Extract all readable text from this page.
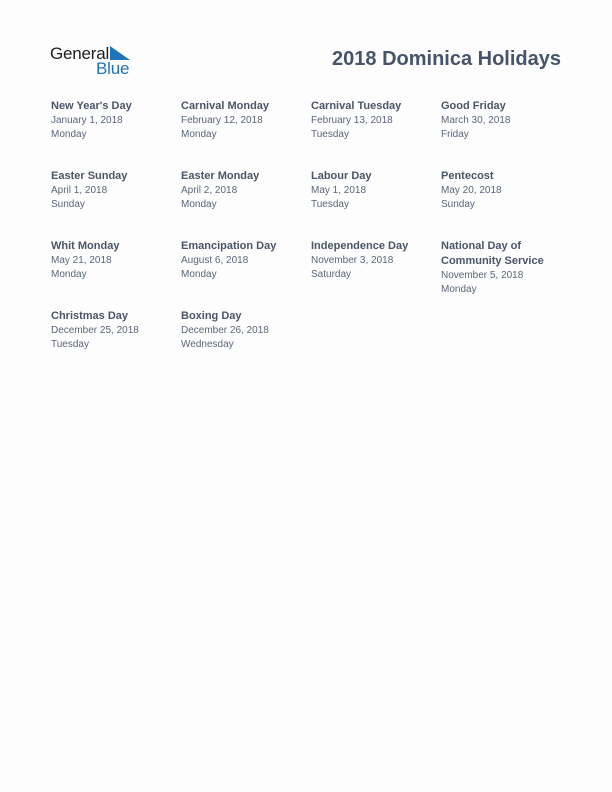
General
Blue	2018 Dominica Holidays
New Year's Day
January 1, 2018
Monday
Carnival Monday
February 12, 2018
Monday
Carnival Tuesday
February 13, 2018
Tuesday
Good Friday
March 30, 2018
Friday
Easter Sunday
April 1, 2018
Sunday
Easter Monday
April 2, 2018
Monday
Labour Day
May 1, 2018
Tuesday
Pentecost
May 20, 2018
Sunday
Whit Monday
May 21, 2018
Monday
Emancipation Day
August 6, 2018
Monday
Independence Day
November 3, 2018
Saturday
National Day of Community Service
November 5, 2018
Monday
Christmas Day
December 25, 2018
Tuesday
Boxing Day
December 26, 2018
Wednesday
